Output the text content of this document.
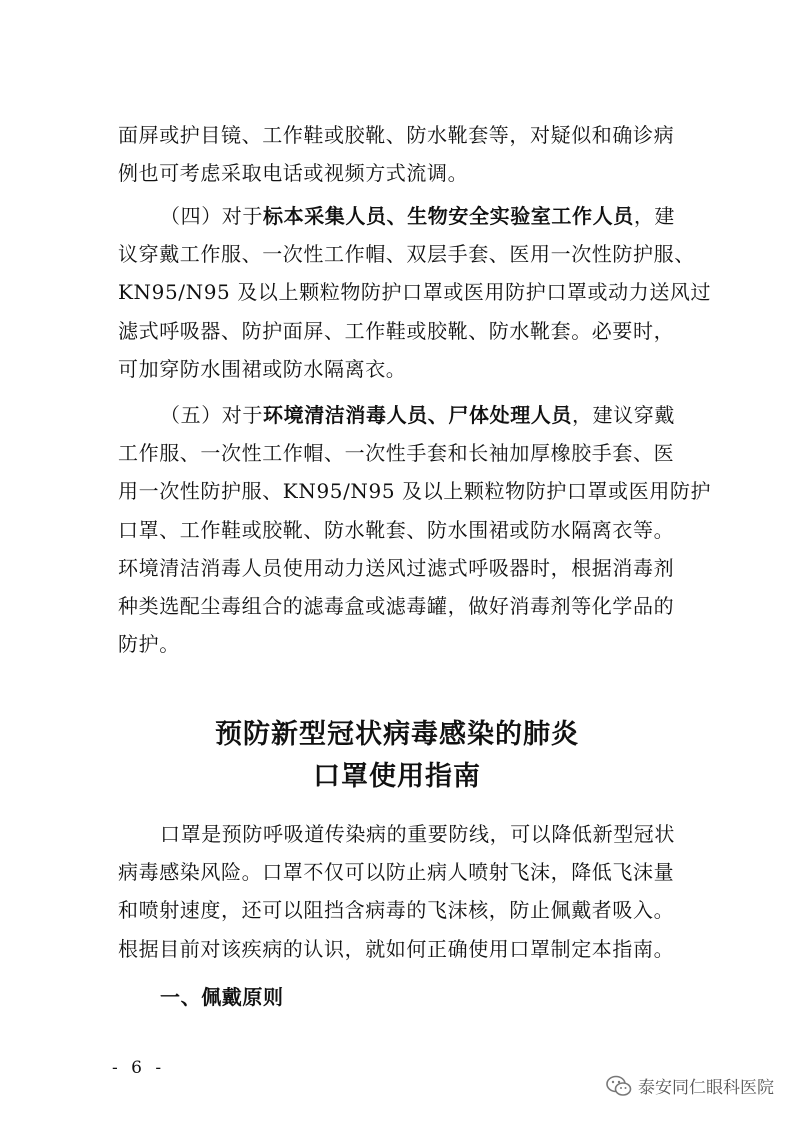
面屏或护目镜、工作鞋或胶靴、防水靴套等，对疑似和确诊病
例也可考虑采取电话或视频方式流调。
（四）对于标本采集人员、生物安全实验室工作人员，建
议穿戴工作服、一次性工作帽、双层手套、医用一次性防护服、
KN95/N95 及以上颗粒物防护口罩或医用防护口罩或动力送风过
滤式呼吸器、防护面屏、工作鞋或胶靴、防水靴套。必要时，
可加穿防水围裙或防水隔离衣。
（五）对于环境清洁消毒人员、尸体处理人员，建议穿戴
工作服、一次性工作帽、一次性手套和长袖加厚橡胶手套、医
用一次性防护服、KN95/N95 及以上颗粒物防护口罩或医用防护
口罩、工作鞋或胶靴、防水靴套、防水围裙或防水隔离衣等。
环境清洁消毒人员使用动力送风过滤式呼吸器时，根据消毒剂
种类选配尘毒组合的滤毒盒或滤毒罐，做好消毒剂等化学品的
防护。
预防新型冠状病毒感染的肺炎
口罩使用指南
口罩是预防呼吸道传染病的重要防线，可以降低新型冠状
病毒感染风险。口罩不仅可以防止病人喷射飞沫，降低飞沫量
和喷射速度，还可以阻挡含病毒的飞沫核，防止佩戴者吸入。
根据目前对该疾病的认识，就如何正确使用口罩制定本指南。
一、佩戴原则
- 6 -
泰安同仁眼科医院
